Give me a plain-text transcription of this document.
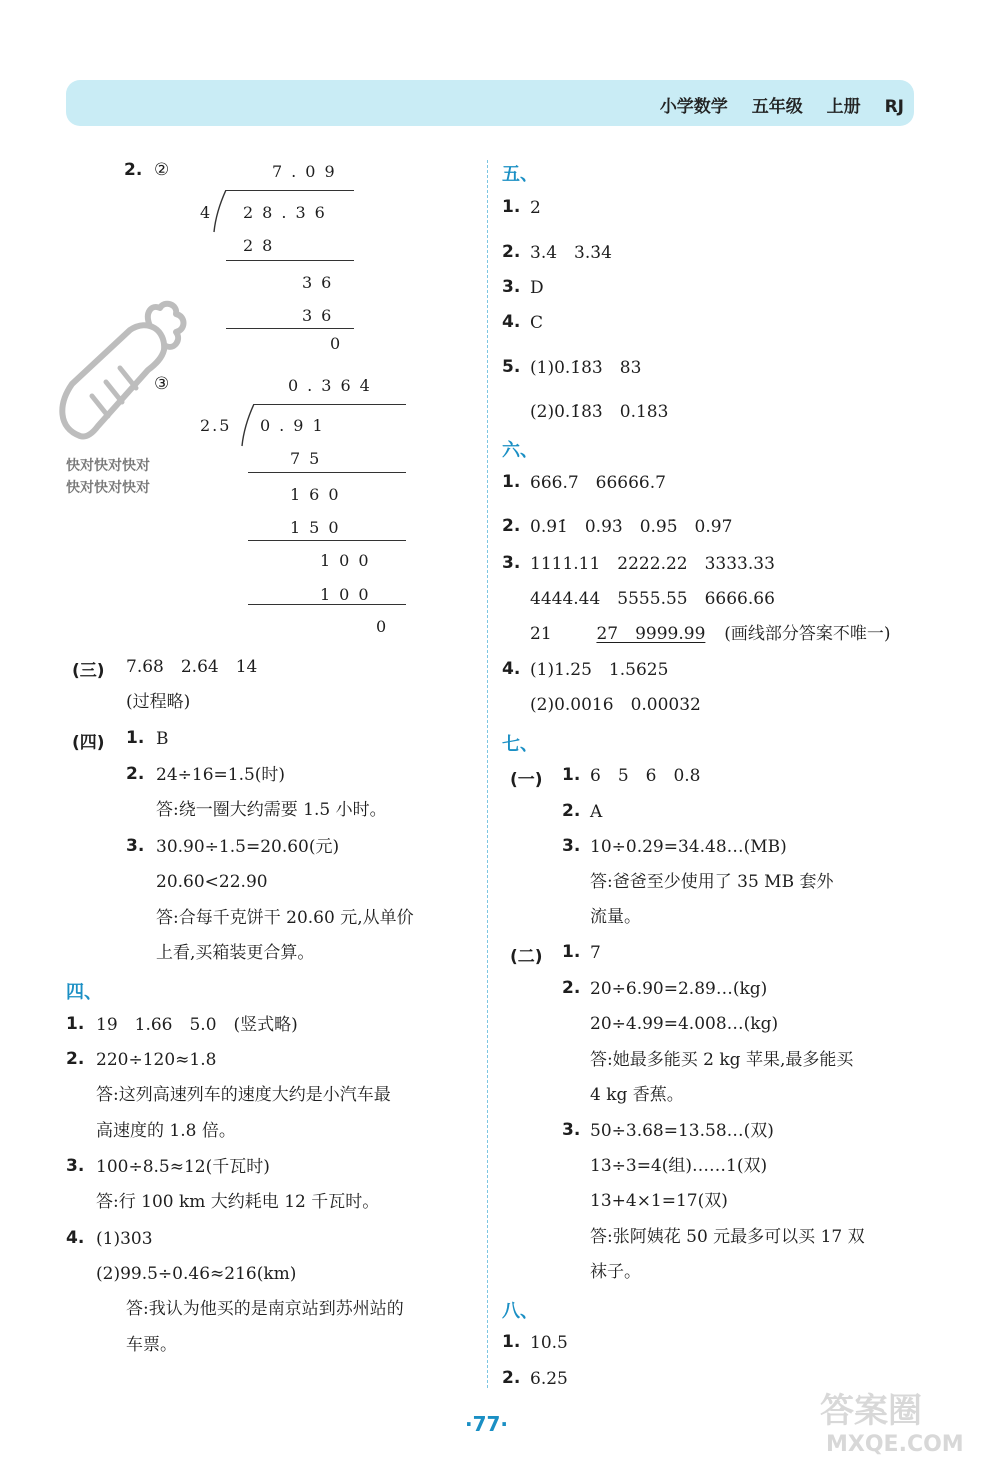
小学数学 五年级 上册 RJ
2. ②	7.09
4 28.36
28
36
36
0
快对快对快对
快对快对快对
③	0.364
2.5 0.91
75
160
150
100
100
0
(三) 7.68　2.64　14
(过程略)
(四) 1. B
2. 24÷16=1.5(时)
答:绕一圈大约需要 1.5 小时。
3. 30.90÷1.5=20.60(元)
20.60<22.90
答:合每千克饼干 20.60 元,从单价
上看,买箱装更合算。
四、
1. 19　1.66　5.0　(竖式略)
2. 220÷120≈1.8
答:这列高速列车的速度大约是小汽车最
高速度的 1.8 倍。
3. 100÷8.5≈12(千瓦时)
答:行 100 km 大约耗电 12 千瓦时。
4. (1)303
(2)99.5÷0.46≈216(km)
答:我认为他买的是南京站到苏州站的
车票。
五、
1. 2
2. 3.4̇　3.3̇4̇
3. D
4. C
5. (1)0.1̇83̇　83
(2)0.1̇83̇　0.183
六、
1. 666.7　66666.7
2. 0.91̇　0.93̇　0.95̇　0.97̇
3. 1111.11　2222.22　3333.33
4444.44　5555.55　6666.66
21	27　9999.99 (画线部分答案不唯一)
4. (1)1.25　1.5625
(2)0.0016　0.00032
七、
(一) 1. 6　5　6　0.8
2. A
3. 10÷0.29=34.48…(MB)
答:爸爸至少使用了 35 MB 套外
流量。
(二) 1. 7
2. 20÷6.90=2.89…(kg)
20÷4.99=4.008…(kg)
答:她最多能买 2 kg 苹果,最多能买
4 kg 香蕉。
3. 50÷3.68=13.58…(双)
13÷3=4(组)……1(双)
13+4×1=17(双)
答:张阿姨花 50 元最多可以买 17 双
袜子。
八、
1. 10.5
2. 6.25
·77·	答案圈
MXQE.COM
